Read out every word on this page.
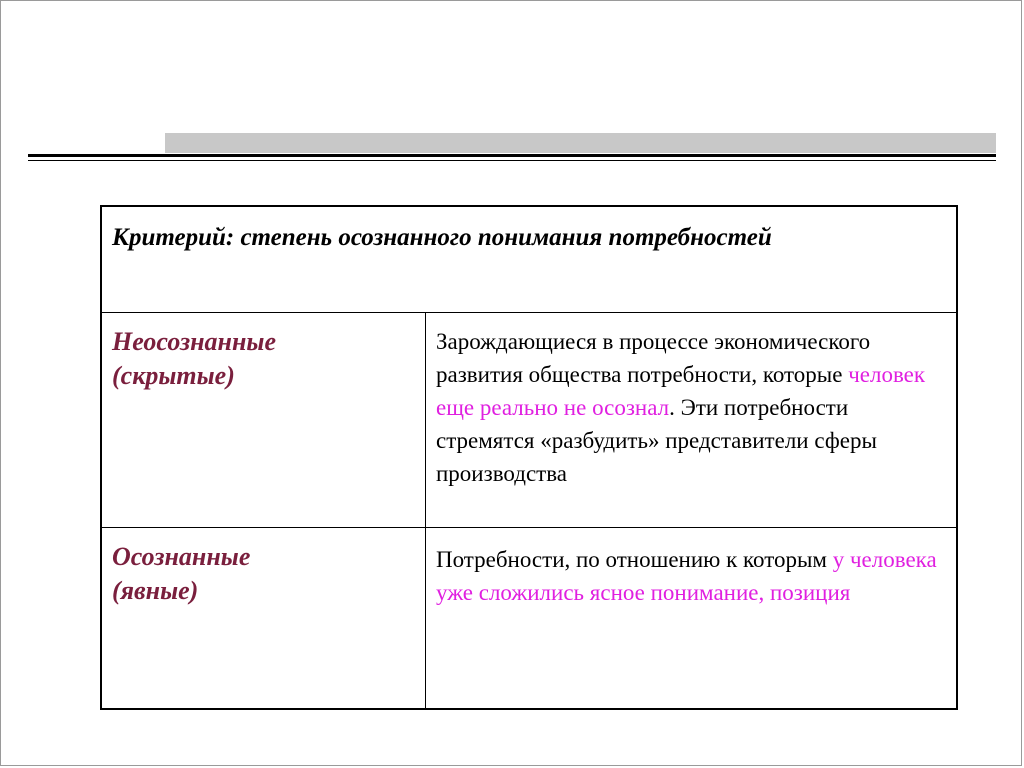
Критерий: степень осознанного понимания потребностей
Неосознанные
(скрытые)
Зарождающиеся в процессе экономического развития общества потребности, которые человек еще реально не осознал. Эти потребности стремятся «разбудить» представители сферы производства
Осознанные
(явные)
Потребности, по отношению к которым у человека уже сложились ясное понимание, позиция
